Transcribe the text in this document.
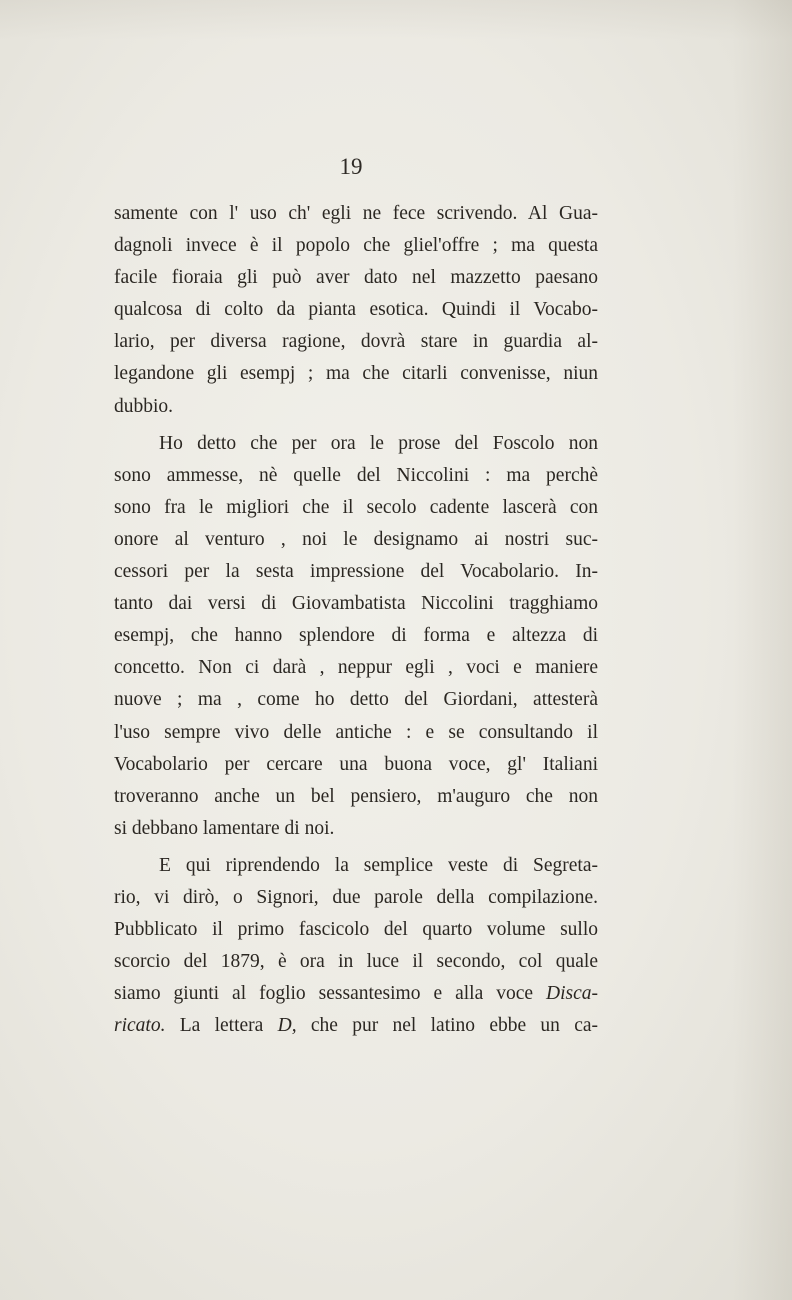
19
samente con l' uso ch' egli ne fece scrivendo. Al Gua-
dagnoli invece è il popolo che gliel'offre ; ma questa
facile fioraia gli può aver dato nel mazzetto paesano
qualcosa di colto da pianta esotica. Quindi il Vocabo-
lario, per diversa ragione, dovrà stare in guardia al-
legandone gli esempj ; ma che citarli convenisse, niun
dubbio.
Ho detto che per ora le prose del Foscolo non
sono ammesse, nè quelle del Niccolini : ma perchè
sono fra le migliori che il secolo cadente lascerà con
onore al venturo , noi le designamo ai nostri suc-
cessori per la sesta impressione del Vocabolario. In-
tanto dai versi di Giovambatista Niccolini tragghiamo
esempj, che hanno splendore di forma e altezza di
concetto. Non ci darà , neppur egli , voci e maniere
nuove ; ma , come ho detto del Giordani, attesterà
l'uso sempre vivo delle antiche : e se consultando il
Vocabolario per cercare una buona voce, gl' Italiani
troveranno anche un bel pensiero, m'auguro che non
si debbano lamentare di noi.
E qui riprendendo la semplice veste di Segreta-
rio, vi dirò, o Signori, due parole della compilazione.
Pubblicato il primo fascicolo del quarto volume sullo
scorcio del 1879, è ora in luce il secondo, col quale
siamo giunti al foglio sessantesimo e alla voce Disca-
ricato. La lettera D, che pur nel latino ebbe un ca-
